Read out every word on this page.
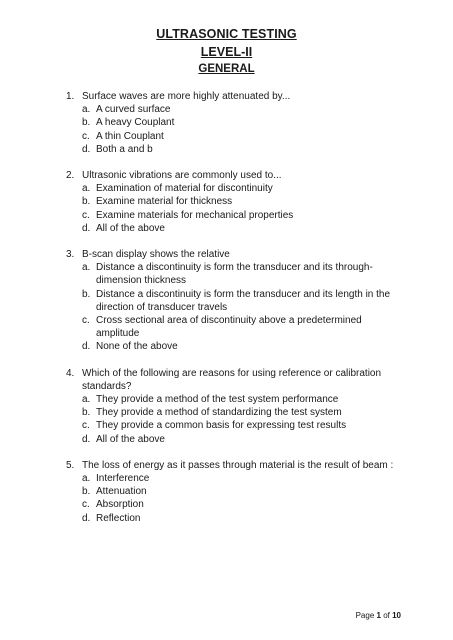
ULTRASONIC TESTING
LEVEL-II
GENERAL
1. Surface waves are more highly attenuated by...
a. A curved surface
b. A heavy Couplant
c. A thin Couplant
d. Both a and b
2. Ultrasonic vibrations are commonly used to...
a. Examination of material for discontinuity
b. Examine material for thickness
c. Examine materials for mechanical properties
d. All of the above
3. B-scan display shows the relative
a. Distance a discontinuity is form the transducer and its through-dimension thickness
b. Distance a discontinuity is form the transducer and its length in the direction of transducer travels
c. Cross sectional area of discontinuity above a predetermined amplitude
d. None of the above
4. Which of the following are reasons for using reference or calibration standards?
a. They provide a method of the test system performance
b. They provide a method of standardizing the test system
c. They provide a common basis for expressing test results
d. All of the above
5. The loss of energy as it passes through material is the result of beam :
a. Interference
b. Attenuation
c. Absorption
d. Reflection
Page 1 of 10
